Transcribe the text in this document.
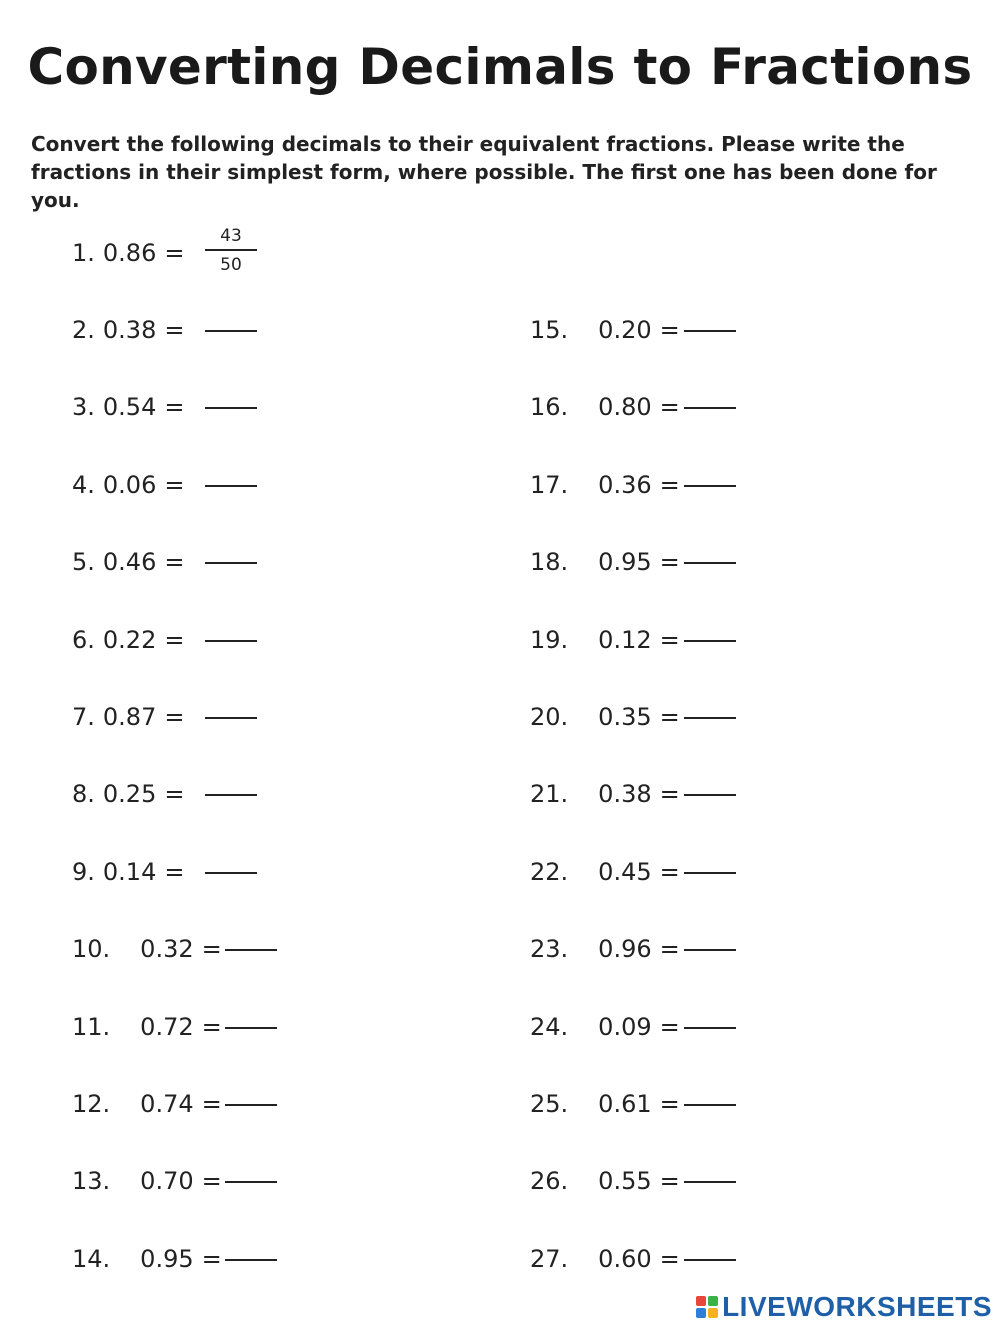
Converting Decimals to Fractions

Convert the following decimals to their equivalent fractions. Please write the fractions in their simplest form, where possible. The first one has been done for you.

1. 0.86 =
43
50
2. 0.38 =
3. 0.54 =
4. 0.06 =
5. 0.46 =
6. 0.22 =
7. 0.87 =
8. 0.25 =
9. 0.14 =
10. 0.32 =
11. 0.72 =
12. 0.74 =
13. 0.70 =
14. 0.95 =
15. 0.20 =
16. 0.80 =
17. 0.36 =
18. 0.95 =
19. 0.12 =
20. 0.35 =
21. 0.38 =
22. 0.45 =
23. 0.96 =
24. 0.09 =
25. 0.61 =
26. 0.55 =
27. 0.60 =
LIVEWORKSHEETS
